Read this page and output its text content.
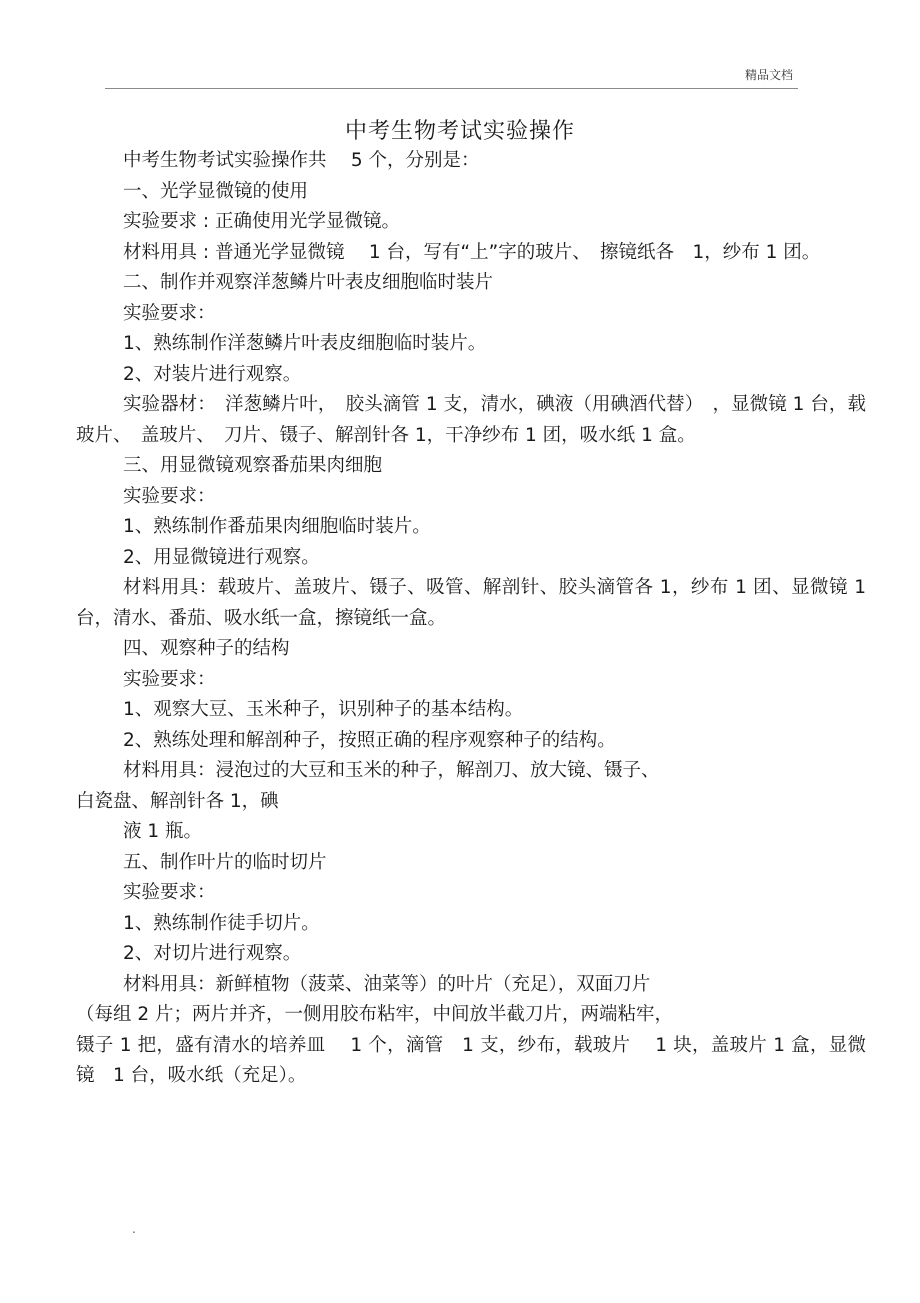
精品文档
中考生物考试实验操作

中考生物考试实验操作共　 5 个，分别是：

一、光学显微镜的使用

实验要求 : 正确使用光学显微镜。

材料用具 : 普通光学显微镜　 1 台，写有“上”字的玻片、　擦镜纸各　1，纱布 1 团。

二、制作并观察洋葱鳞片叶表皮细胞临时装片

实验要求：

1、熟练制作洋葱鳞片叶表皮细胞临时装片。

2、对装片进行观察。

实验器材：　洋葱鳞片叶，　胶头滴管 1 支，清水，碘液（用碘酒代替）　，显微镜 1 台，载玻片、　盖玻片、　刀片、镊子、解剖针各 1，干净纱布 1 团，吸水纸 1 盒。

三、用显微镜观察番茄果肉细胞

实验要求：

1、熟练制作番茄果肉细胞临时装片。

2、用显微镜进行观察。

材料用具：载玻片、盖玻片、镊子、吸管、解剖针、胶头滴管各 1，纱布 1 团、显微镜 1 台，清水、番茄、吸水纸一盒，擦镜纸一盒。

四、观察种子的结构

实验要求：

1、观察大豆、玉米种子，识别种子的基本结构。

2、熟练处理和解剖种子，按照正确的程序观察种子的结构。

材料用具：浸泡过的大豆和玉米的种子，解剖刀、放大镜、镊子、

白瓷盘、解剖针各 1，碘

液 1 瓶。

五、制作叶片的临时切片

实验要求：

1、熟练制作徒手切片。

2、对切片进行观察。

材料用具：新鲜植物（菠菜、油菜等）的叶片（充足），双面刀片

（每组 2 片；两片并齐，一侧用胶布粘牢，中间放半截刀片，两端粘牢，

镊子 1 把，盛有清水的培养皿　 1 个，滴管　1 支，纱布，载玻片　 1 块，盖玻片 1 盒，显微镜　1 台，吸水纸（充足）。

.
